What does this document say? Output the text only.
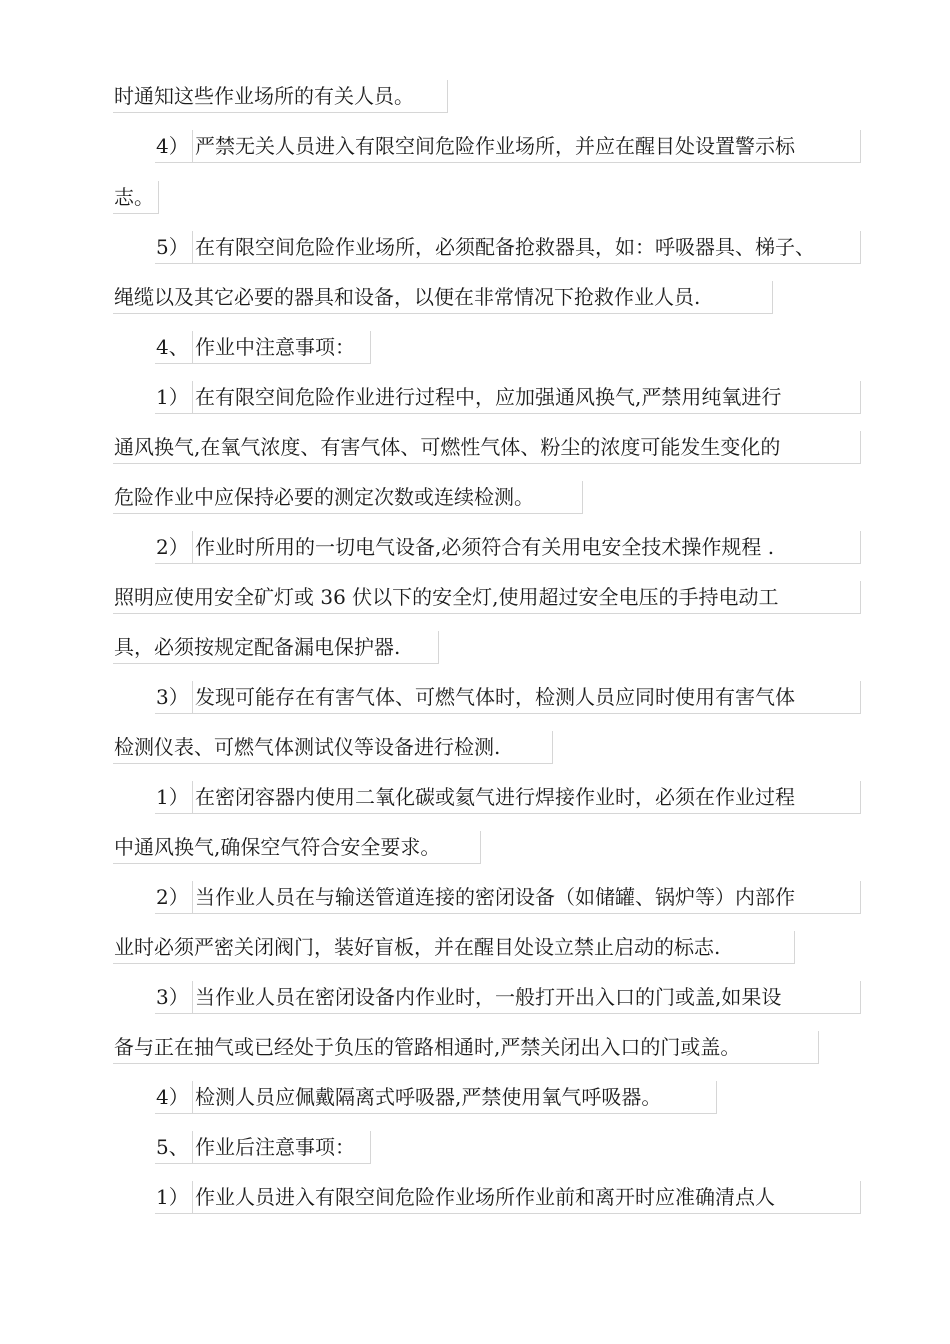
时通知这些作业场所的有关人员。
4） 严禁无关人员进入有限空间危险作业场所，并应在醒目处设置警示标
志。
5） 在有限空间危险作业场所，必须配备抢救器具，如：呼吸器具、梯子、
绳缆以及其它必要的器具和设备，以便在非常情况下抢救作业人员.
4、 作业中注意事项：
1） 在有限空间危险作业进行过程中，应加强通风换气,严禁用纯氧进行
通风换气,在氧气浓度、有害气体、可燃性气体、粉尘的浓度可能发生变化的
危险作业中应保持必要的测定次数或连续检测。
2） 作业时所用的一切电气设备,必须符合有关用电安全技术操作规程 .
照明应使用安全矿灯或 36 伏以下的安全灯,使用超过安全电压的手持电动工
具，必须按规定配备漏电保护器.
3） 发现可能存在有害气体、可燃气体时，检测人员应同时使用有害气体
检测仪表、可燃气体测试仪等设备进行检测.
1） 在密闭容器内使用二氧化碳或氦气进行焊接作业时，必须在作业过程
中通风换气,确保空气符合安全要求。
2） 当作业人员在与输送管道连接的密闭设备（如储罐、锅炉等）内部作
业时必须严密关闭阀门，装好盲板，并在醒目处设立禁止启动的标志.
3） 当作业人员在密闭设备内作业时，一般打开出入口的门或盖,如果设
备与正在抽气或已经处于负压的管路相通时,严禁关闭出入口的门或盖。
4） 检测人员应佩戴隔离式呼吸器,严禁使用氧气呼吸器。
5、 作业后注意事项：
1） 作业人员进入有限空间危险作业场所作业前和离开时应准确清点人
